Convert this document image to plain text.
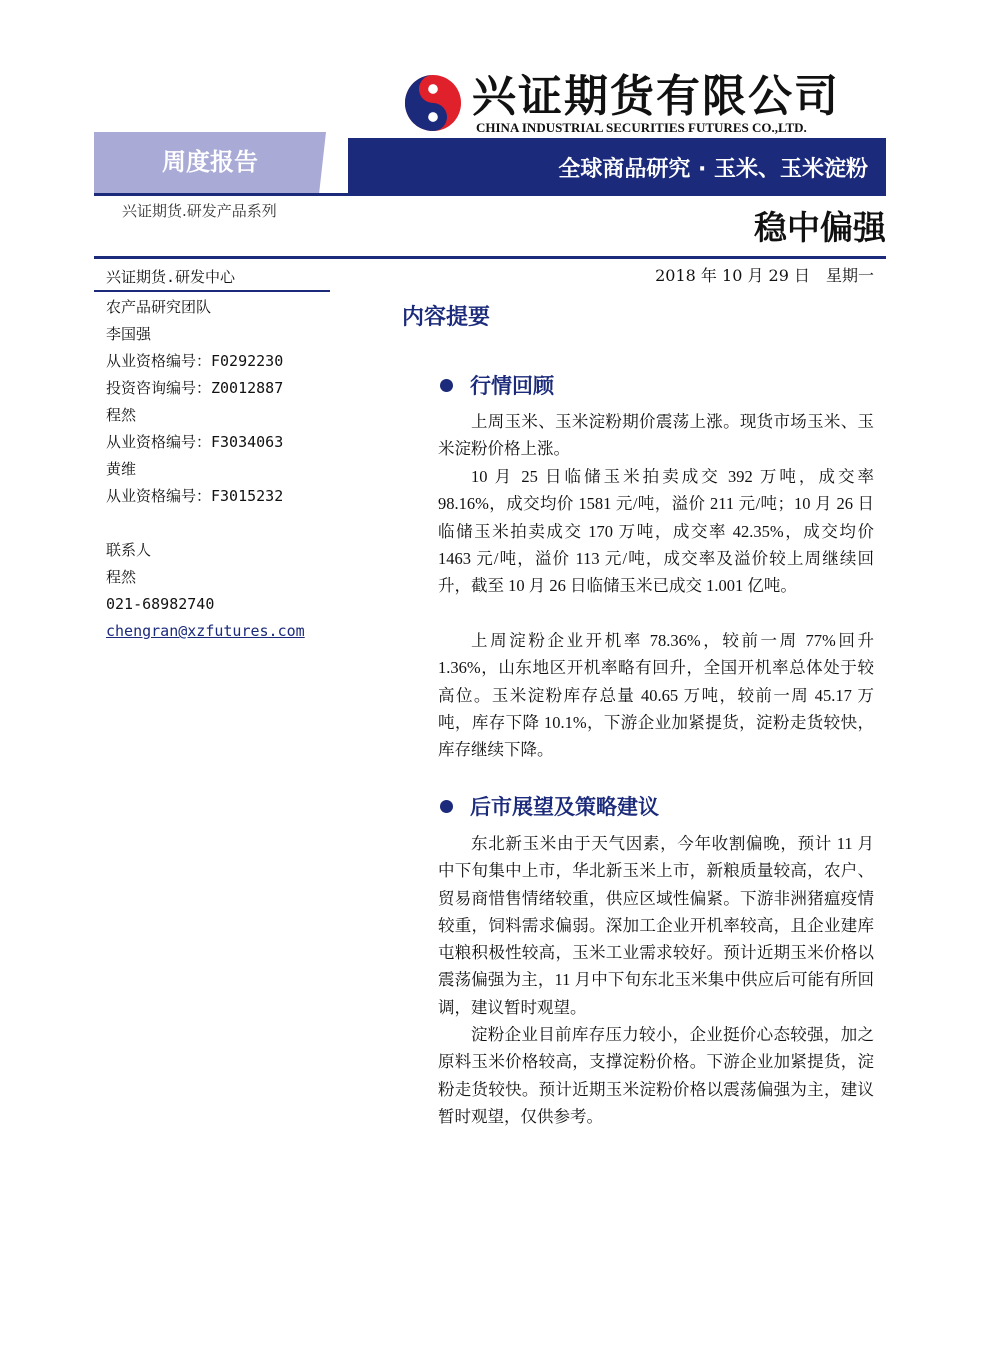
兴证期货有限公司
CHINA INDUSTRIAL SECURITIES FUTURES CO.,LTD.
周度报告	全球商品研究 · 玉米、玉米淀粉
兴证期货.研发产品系列	稳中偏强
兴证期货.研发中心
农产品研究团队
李国强
从业资格编号：F0292230
投资咨询编号：Z0012887
程然
从业资格编号：F3034063
黄维
从业资格编号：F3015232
联系人
程然
021-68982740
chengran@xzfutures.com
2018 年 10 月 29 日　星期一
内容提要
行情回顾

上周玉米、玉米淀粉期价震荡上涨。现货市场玉米、玉米淀粉价格上涨。

10 月 25 日临储玉米拍卖成交 392 万吨，成交率 98.16%，成交均价 1581 元/吨，溢价 211 元/吨；10 月 26 日临储玉米拍卖成交 170 万吨，成交率 42.35%，成交均价 1463 元/吨，溢价 113 元/吨，成交率及溢价较上周继续回升，截至 10 月 26 日临储玉米已成交 1.001 亿吨。

上周淀粉企业开机率 78.36%，较前一周 77%回升 1.36%，山东地区开机率略有回升，全国开机率总体处于较高位。玉米淀粉库存总量 40.65 万吨，较前一周 45.17 万吨，库存下降 10.1%，下游企业加紧提货，淀粉走货较快，库存继续下降。

后市展望及策略建议

东北新玉米由于天气因素，今年收割偏晚，预计 11 月中下旬集中上市，华北新玉米上市，新粮质量较高，农户、贸易商惜售情绪较重，供应区域性偏紧。下游非洲猪瘟疫情较重，饲料需求偏弱。深加工企业开机率较高，且企业建库屯粮积极性较高，玉米工业需求较好。预计近期玉米价格以震荡偏强为主，11 月中下旬东北玉米集中供应后可能有所回调，建议暂时观望。

淀粉企业目前库存压力较小，企业挺价心态较强，加之原料玉米价格较高，支撑淀粉价格。下游企业加紧提货，淀粉走货较快。预计近期玉米淀粉价格以震荡偏强为主，建议暂时观望，仅供参考。
